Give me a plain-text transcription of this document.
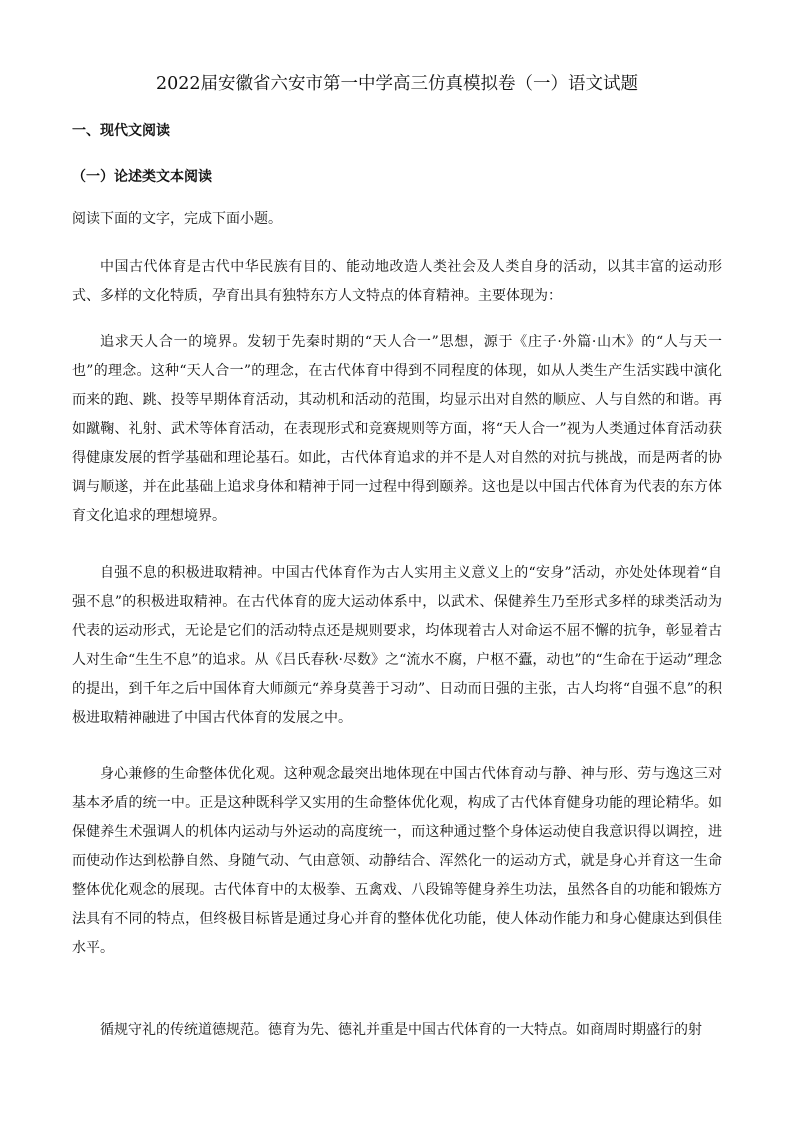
2022届安徽省六安市第一中学高三仿真模拟卷（一）语文试题

一、现代文阅读

（一）论述类文本阅读

阅读下面的文字，完成下面小题。

中国古代体育是古代中华民族有目的、能动地改造人类社会及人类自身的活动，以其丰富的运动形式、多样的文化特质，孕育出具有独特东方人文特点的体育精神。主要体现为：

追求天人合一的境界。发轫于先秦时期的“天人合一”思想，源于《庄子·外篇·山木》的“人与天一也”的理念。这种“天人合一”的理念，在古代体育中得到不同程度的体现，如从人类生产生活实践中演化而来的跑、跳、投等早期体育活动，其动机和活动的范围，均显示出对自然的顺应、人与自然的和谐。再如蹴鞠、礼射、武术等体育活动，在表现形式和竞赛规则等方面，将“天人合一”视为人类通过体育活动获得健康发展的哲学基础和理论基石。如此，古代体育追求的并不是人对自然的对抗与挑战，而是两者的协调与顺遂，并在此基础上追求身体和精神于同一过程中得到颐养。这也是以中国古代体育为代表的东方体育文化追求的理想境界。

自强不息的积极进取精神。中国古代体育作为古人实用主义意义上的“安身”活动，亦处处体现着“自强不息”的积极进取精神。在古代体育的庞大运动体系中，以武术、保健养生乃至形式多样的球类活动为代表的运动形式，无论是它们的活动特点还是规则要求，均体现着古人对命运不屈不懈的抗争，彰显着古人对生命“生生不息”的追求。从《吕氏春秋·尽数》之“流水不腐，户枢不蠹，动也”的“生命在于运动”理念的提出，到千年之后中国体育大师颜元“养身莫善于习动”、日动而日强的主张，古人均将“自强不息”的积极进取精神融进了中国古代体育的发展之中。

身心兼修的生命整体优化观。这种观念最突出地体现在中国古代体育动与静、神与形、劳与逸这三对基本矛盾的统一中。正是这种既科学又实用的生命整体优化观，构成了古代体育健身功能的理论精华。如保健养生术强调人的机体内运动与外运动的高度统一，而这种通过整个身体运动使自我意识得以调控，进而使动作达到松静自然、身随气动、气由意领、动静结合、浑然化一的运动方式，就是身心并育这一生命整体优化观念的展现。古代体育中的太极拳、五禽戏、八段锦等健身养生功法，虽然各自的功能和锻炼方法具有不同的特点，但终极目标皆是通过身心并育的整体优化功能，使人体动作能力和身心健康达到俱佳水平。

循规守礼的传统道德规范。德育为先、德礼并重是中国古代体育的一大特点。如商周时期盛行的射
